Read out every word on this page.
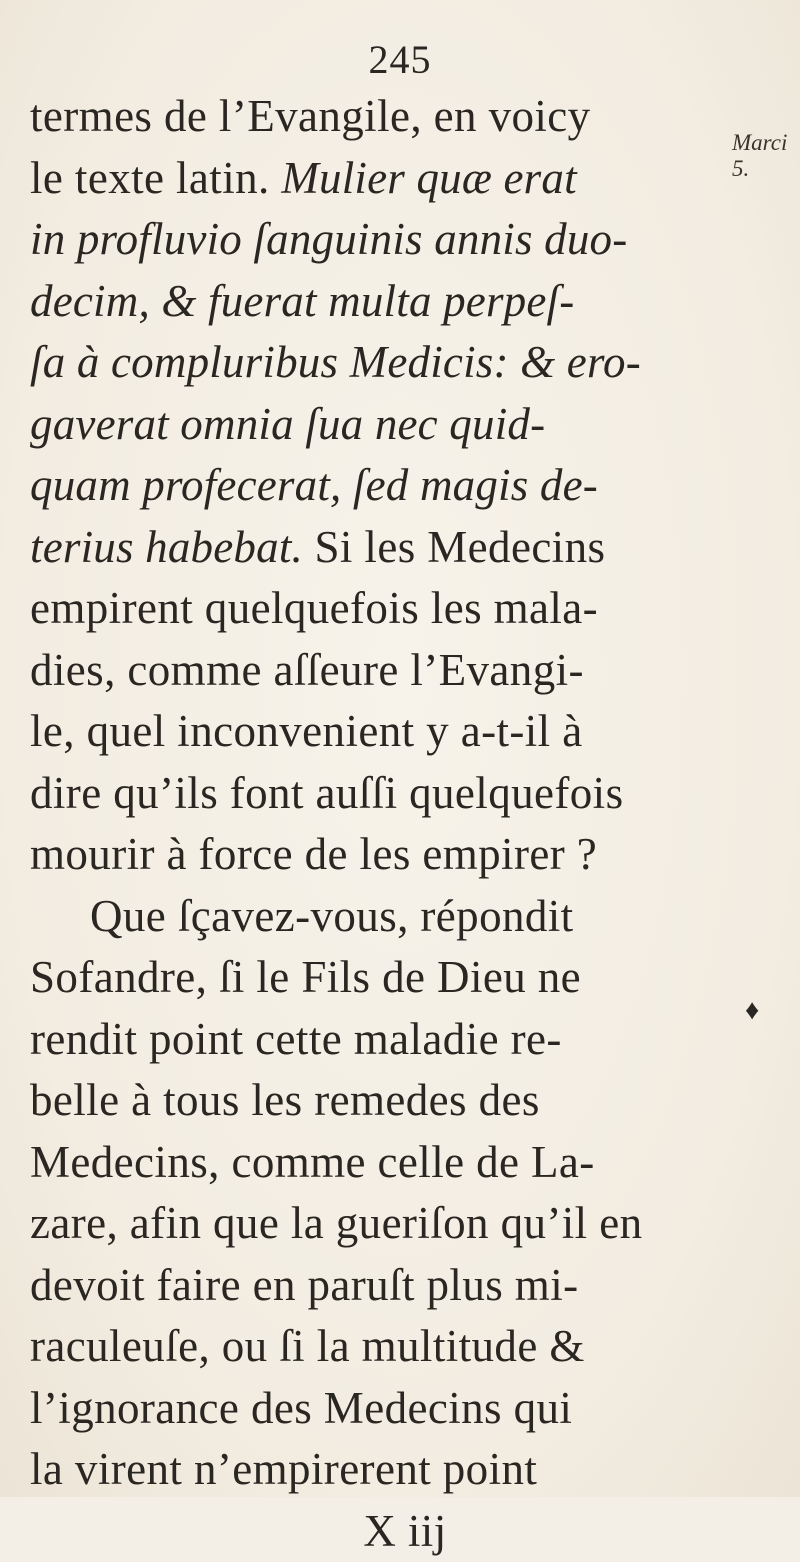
245
Marci 5.
termes de l’Evangile, en voicy
le texte latin. Mulier quæ erat
in profluvio ſanguinis annis duo-
decim, & fuerat multa perpeſ-
ſa à compluribus Medicis: & ero-
gaverat omnia ſua nec quid-
quam profecerat, ſed magis de-
terius habebat. Si les Medecins
empirent quelquefois les mala-
dies, comme aſſeure l’Evangi-
le, quel inconvenient y a-t-il à
dire qu’ils font auſſi quelquefois
mourir à force de les empirer ?
Que ſçavez-vous, répondit
Sofandre, ſi le Fils de Dieu ne
rendit point cette maladie re-
belle à tous les remedes des
Medecins, comme celle de La-
zare, afin que la gueriſon qu’il en
devoit faire en paruſt plus mi-
raculeuſe, ou ſi la multitude &
l’ignorance des Medecins qui
la virent n’empirerent point
X iij
♦
